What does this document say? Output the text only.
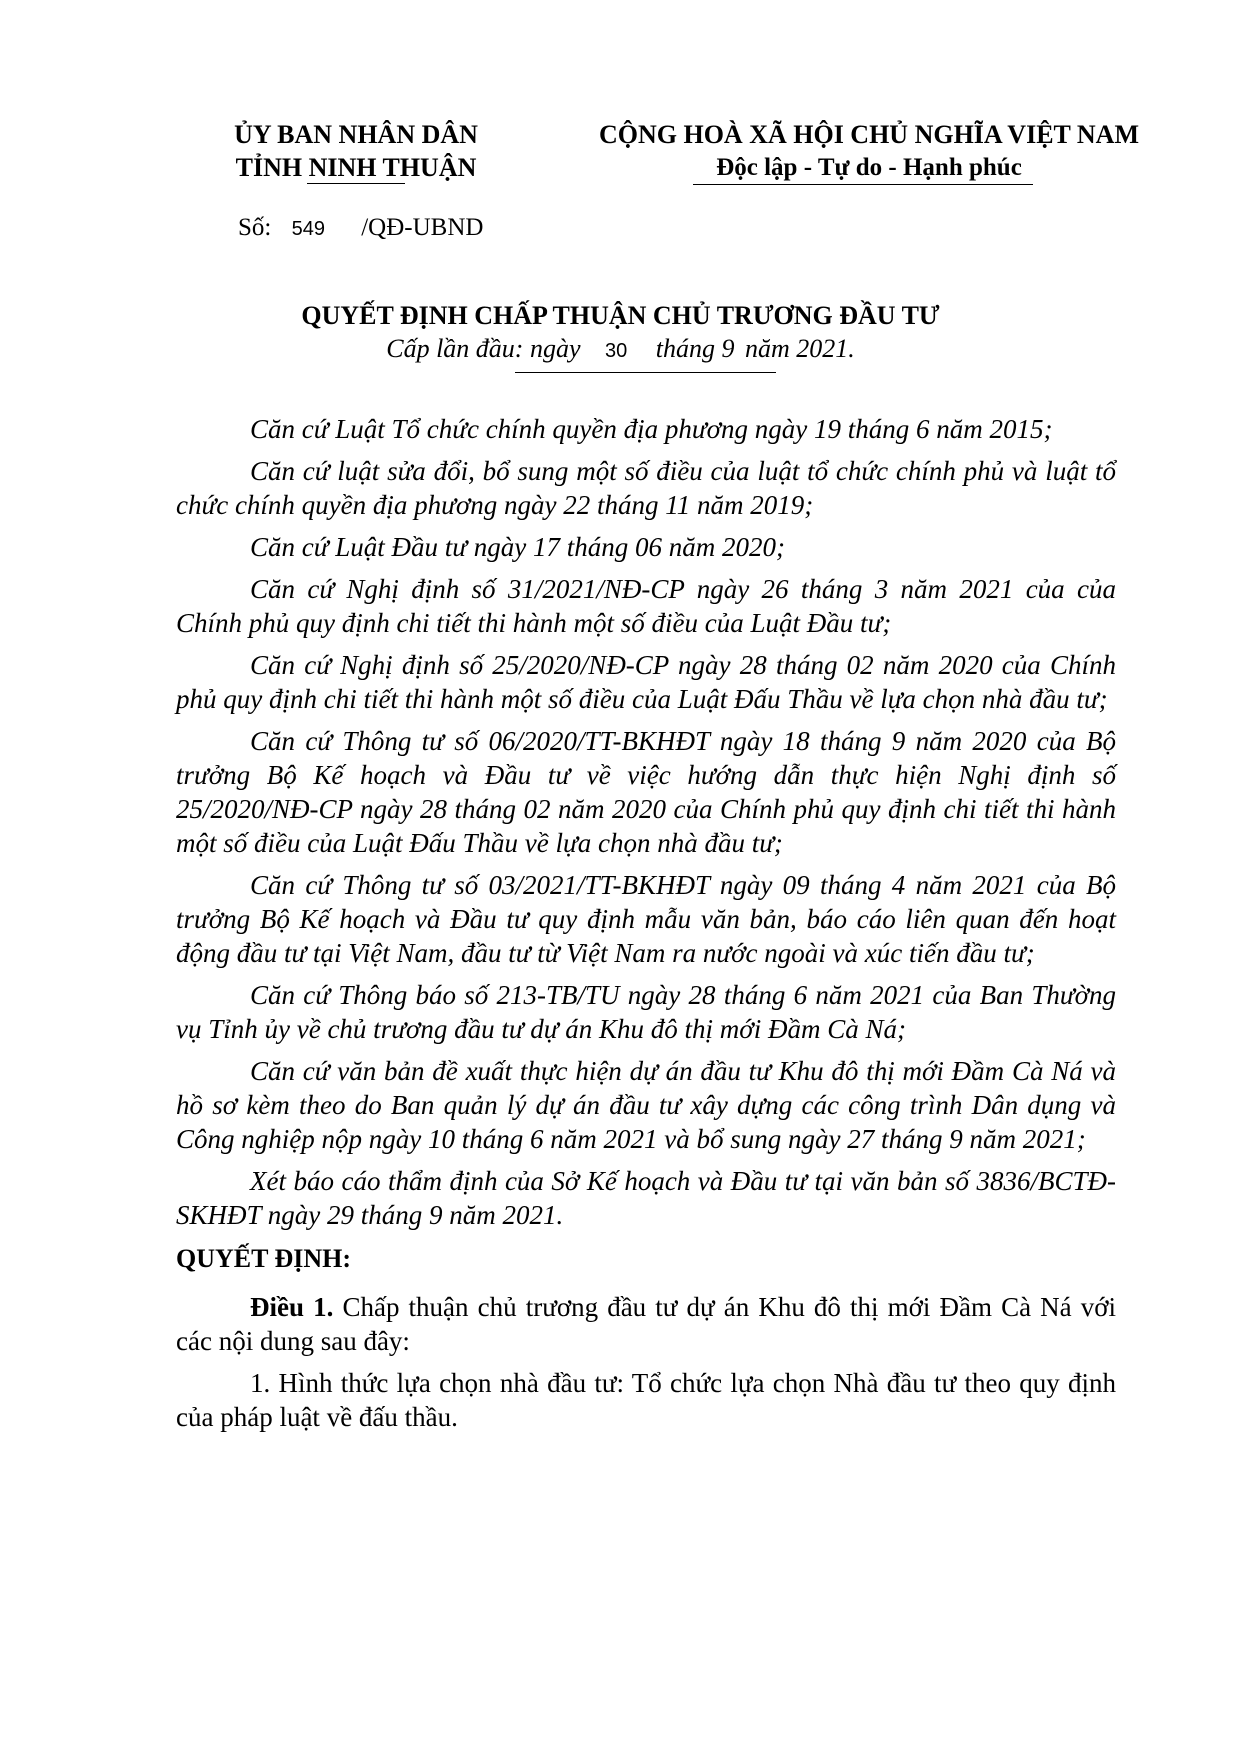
ỦY BAN NHÂN DÂN
TỈNH NINH THUẬN
CỘNG HOÀ XÃ HỘI CHỦ NGHĨA VIỆT NAM
Độc lập - Tự do - Hạnh phúc
Số: 549 /QĐ-UBND
QUYẾT ĐỊNH CHẤP THUẬN CHỦ TRƯƠNG ĐẦU TƯ
Cấp lần đầu: ngày 30 tháng 9 năm 2021.

Căn cứ Luật Tổ chức chính quyền địa phương ngày 19 tháng 6 năm 2015;

Căn cứ luật sửa đổi, bổ sung một số điều của luật tổ chức chính phủ và luật tổ chức chính quyền địa phương ngày 22 tháng 11 năm 2019;

Căn cứ Luật Đầu tư ngày 17 tháng 06 năm 2020;

Căn cứ Nghị định số 31/2021/NĐ-CP ngày 26 tháng 3 năm 2021 của của Chính phủ quy định chi tiết thi hành một số điều của Luật Đầu tư;

Căn cứ Nghị định số 25/2020/NĐ-CP ngày 28 tháng 02 năm 2020 của Chính phủ quy định chi tiết thi hành một số điều của Luật Đấu Thầu về lựa chọn nhà đầu tư;

Căn cứ Thông tư số 06/2020/TT-BKHĐT ngày 18 tháng 9 năm 2020 của Bộ trưởng Bộ Kế hoạch và Đầu tư về việc hướng dẫn thực hiện Nghị định số 25/2020/NĐ-CP ngày 28 tháng 02 năm 2020 của Chính phủ quy định chi tiết thi hành một số điều của Luật Đấu Thầu về lựa chọn nhà đầu tư;

Căn cứ Thông tư số 03/2021/TT-BKHĐT ngày 09 tháng 4 năm 2021 của Bộ trưởng Bộ Kế hoạch và Đầu tư quy định mẫu văn bản, báo cáo liên quan đến hoạt động đầu tư tại Việt Nam, đầu tư từ Việt Nam ra nước ngoài và xúc tiến đầu tư;

Căn cứ Thông báo số 213-TB/TU ngày 28 tháng 6 năm 2021 của Ban Thường vụ Tỉnh ủy về chủ trương đầu tư dự án Khu đô thị mới Đầm Cà Ná;

Căn cứ văn bản đề xuất thực hiện dự án đầu tư Khu đô thị mới Đầm Cà Ná và hồ sơ kèm theo do Ban quản lý dự án đầu tư xây dựng các công trình Dân dụng và Công nghiệp nộp ngày 10 tháng 6 năm 2021 và bổ sung ngày 27 tháng 9 năm 2021;

Xét báo cáo thẩm định của Sở Kế hoạch và Đầu tư tại văn bản số 3836/BCTĐ-SKHĐT ngày 29 tháng 9 năm 2021.

QUYẾT ĐỊNH:

Điều 1. Chấp thuận chủ trương đầu tư dự án Khu đô thị mới Đầm Cà Ná với các nội dung sau đây:

1. Hình thức lựa chọn nhà đầu tư: Tổ chức lựa chọn Nhà đầu tư theo quy định của pháp luật về đấu thầu.
